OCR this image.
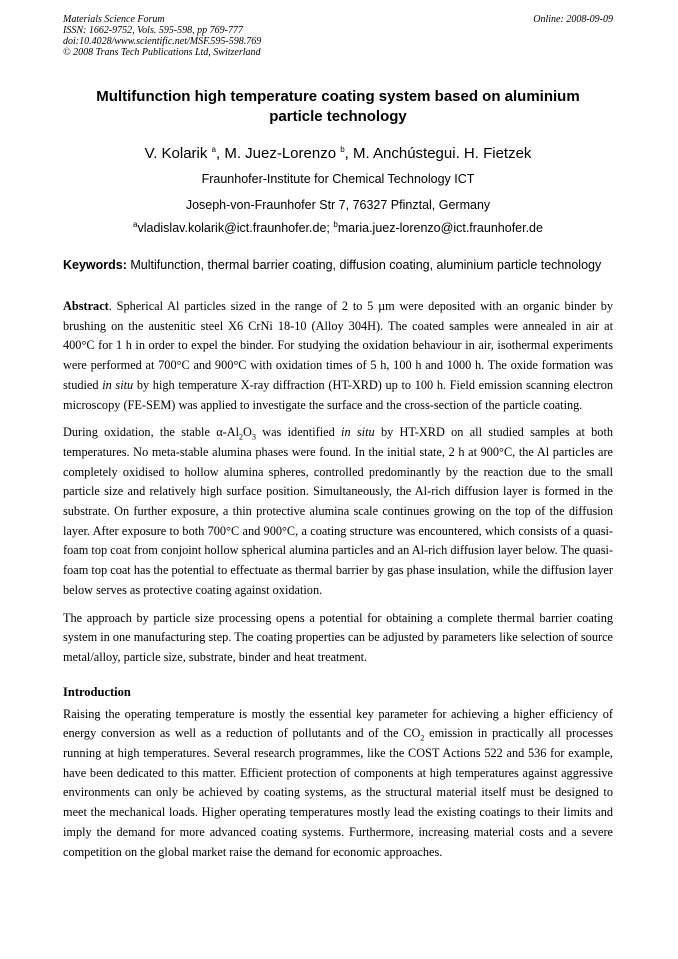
Materials Science Forum
ISSN: 1662-9752, Vols. 595-598, pp 769-777
doi:10.4028/www.scientific.net/MSF.595-598.769
© 2008 Trans Tech Publications Ltd, Switzerland
Online: 2008-09-09
Multifunction high temperature coating system based on aluminium particle technology
V. Kolarik $^a$, M. Juez-Lorenzo $^b$, M. Anchústegui. H. Fietzek
Fraunhofer-Institute for Chemical Technology ICT
Joseph-von-Fraunhofer Str 7, 76327 Pfinztal, Germany
$^a$vladislav.kolarik@ict.fraunhofer.de; $^b$maria.juez-lorenzo@ict.fraunhofer.de
Keywords: Multifunction, thermal barrier coating, diffusion coating, aluminium particle technology
Abstract. Spherical Al particles sized in the range of 2 to 5 µm were deposited with an organic binder by brushing on the austenitic steel X6 CrNi 18-10 (Alloy 304H). The coated samples were annealed in air at 400°C for 1 h in order to expel the binder. For studying the oxidation behaviour in air, isothermal experiments were performed at 700°C and 900°C with oxidation times of 5 h, 100 h and 1000 h. The oxide formation was studied in situ by high temperature X-ray diffraction (HT-XRD) up to 100 h. Field emission scanning electron microscopy (FE-SEM) was applied to investigate the surface and the cross-section of the particle coating.
During oxidation, the stable $\alpha-Al_2O_3$ was identified in situ by HT-XRD on all studied samples at both temperatures. No meta-stable alumina phases were found. In the initial state, 2 h at 900°C, the Al particles are completely oxidised to hollow alumina spheres, controlled predominantly by the reaction due to the small particle size and relatively high surface position. Simultaneously, the Al-rich diffusion layer is formed in the substrate. On further exposure, a thin protective alumina scale continues growing on the top of the diffusion layer. After exposure to both 700°C and 900°C, a coating structure was encountered, which consists of a quasi-foam top coat from conjoint hollow spherical alumina particles and an Al-rich diffusion layer below. The quasi-foam top coat has the potential to effectuate as thermal barrier by gas phase insulation, while the diffusion layer below serves as protective coating against oxidation.
The approach by particle size processing opens a potential for obtaining a complete thermal barrier coating system in one manufacturing step. The coating properties can be adjusted by parameters like selection of source metal/alloy, particle size, substrate, binder and heat treatment.
Introduction
Raising the operating temperature is mostly the essential key parameter for achieving a higher efficiency of energy conversion as well as a reduction of pollutants and of the $CO_2$ emission in practically all processes running at high temperatures. Several research programmes, like the COST Actions 522 and 536 for example, have been dedicated to this matter. Efficient protection of components at high temperatures against aggressive environments can only be achieved by coating systems, as the structural material itself must be designed to meet the mechanical loads. Higher operating temperatures mostly lead the existing coatings to their limits and imply the demand for more advanced coating systems. Furthermore, increasing material costs and a severe competition on the global market raise the demand for economic approaches.
